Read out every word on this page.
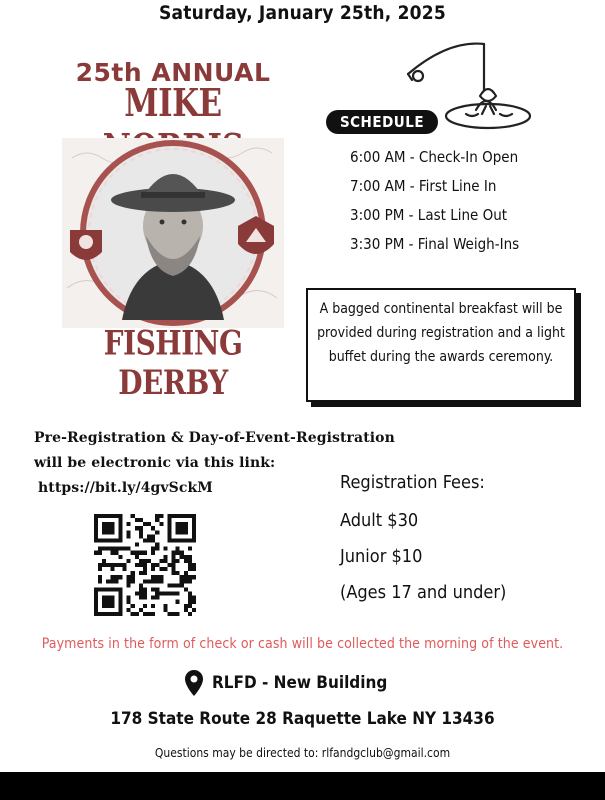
Saturday, January 25th, 2025
25th ANNUAL
MIKE
FISHING DERBY
SCHEDULE
6:00 AM - Check-In Open
7:00 AM - First Line In
3:00 PM - Last Line Out
3:30 PM - Final Weigh-Ins
A bagged continental breakfast will be provided during registration and a light buffet during the awards ceremony.
Pre-Registration & Day-of-Event-Registration
will be electronic via this link:
https://bit.ly/4gvSckM	Registration Fees:
Adult $30
Junior $10
(Ages 17 and under)
Payments in the form of check or cash will be collected the morning of the event.
RLFD - New Building
178 State Route 28 Raquette Lake NY 13436
Questions may be directed to: rlfandgclub@gmail.com
